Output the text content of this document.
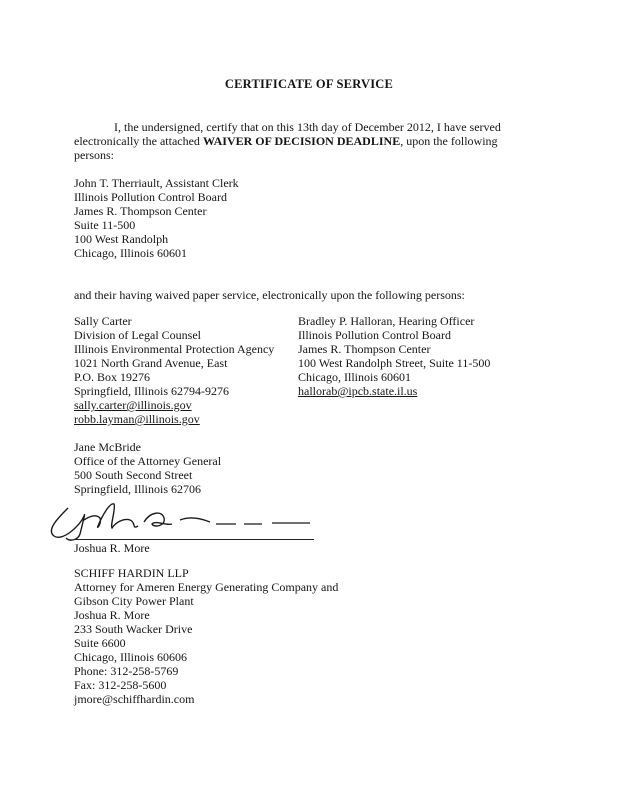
CERTIFICATE OF SERVICE
I, the undersigned, certify that on this 13th day of December 2012, I have served electronically the attached WAIVER OF DECISION DEADLINE, upon the following persons:
John T. Therriault, Assistant Clerk
Illinois Pollution Control Board
James R. Thompson Center
Suite 11-500
100 West Randolph
Chicago, Illinois 60601
and their having waived paper service, electronically upon the following persons:
Sally Carter
Division of Legal Counsel
Illinois Environmental Protection Agency
1021 North Grand Avenue, East
P.O. Box 19276
Springfield, Illinois 62794-9276
sally.carter@illinois.gov
robb.layman@illinois.gov
Bradley P. Halloran, Hearing Officer
Illinois Pollution Control Board
James R. Thompson Center
100 West Randolph Street, Suite 11-500
Chicago, Illinois 60601
hallorab@ipcb.state.il.us
Jane McBride
Office of the Attorney General
500 South Second Street
Springfield, Illinois 62706
Joshua R. More
SCHIFF HARDIN LLP
Attorney for Ameren Energy Generating Company and
Gibson City Power Plant
Joshua R. More
233 South Wacker Drive
Suite 6600
Chicago, Illinois 60606
Phone: 312-258-5769
Fax: 312-258-5600
jmore@schiffhardin.com
